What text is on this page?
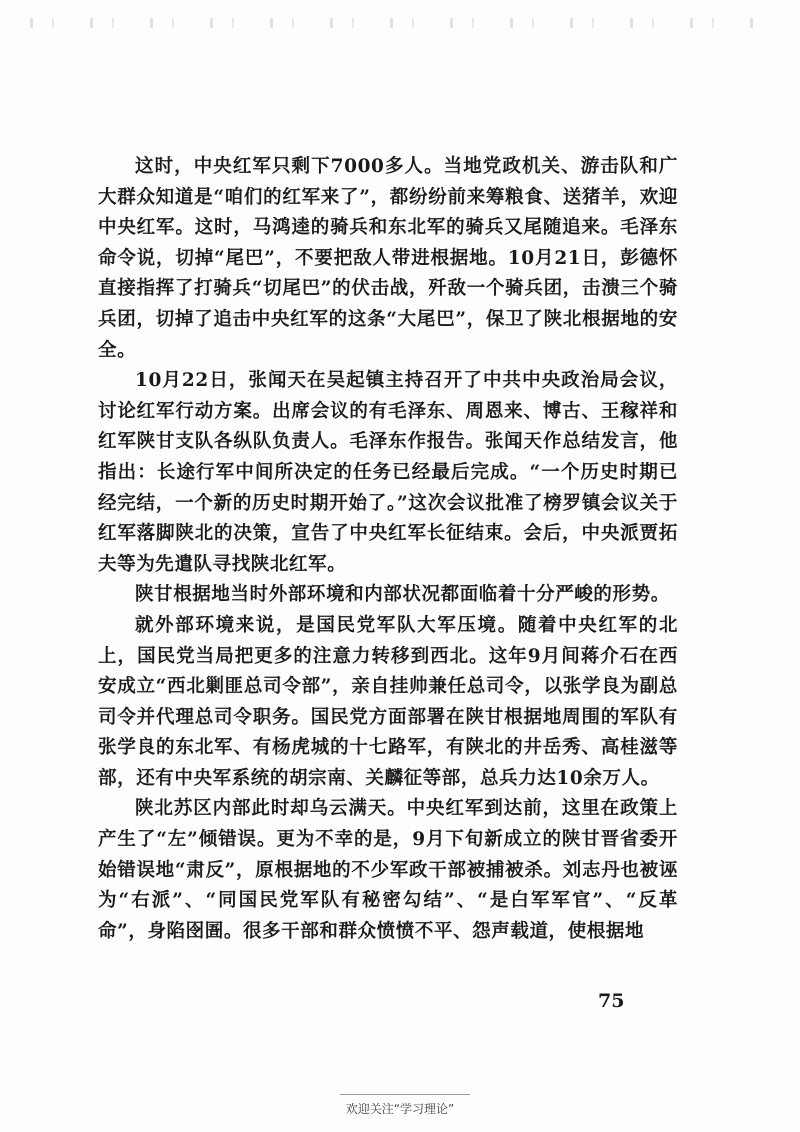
这时，中央红军只剩下7000多人。当地党政机关、游击队和广大群众知道是“咱们的红军来了”，都纷纷前来筹粮食、送猪羊，欢迎中央红军。这时，马鸿逵的骑兵和东北军的骑兵又尾随追来。毛泽东命令说，切掉“尾巴”，不要把敌人带进根据地。10月21日，彭德怀直接指挥了打骑兵“切尾巴”的伏击战，歼敌一个骑兵团，击溃三个骑兵团，切掉了追击中央红军的这条“大尾巴”，保卫了陕北根据地的安全。

10月22日，张闻天在吴起镇主持召开了中共中央政治局会议，讨论红军行动方案。出席会议的有毛泽东、周恩来、博古、王稼祥和红军陕甘支队各纵队负责人。毛泽东作报告。张闻天作总结发言，他指出：长途行军中间所决定的任务已经最后完成。“一个历史时期已经完结，一个新的历史时期开始了。”这次会议批准了榜罗镇会议关于红军落脚陕北的决策，宣告了中央红军长征结束。会后，中央派贾拓夫等为先遣队寻找陕北红军。

陕甘根据地当时外部环境和内部状况都面临着十分严峻的形势。

就外部环境来说，是国民党军队大军压境。随着中央红军的北上，国民党当局把更多的注意力转移到西北。这年9月间蒋介石在西安成立“西北剿匪总司令部”，亲自挂帅兼任总司令，以张学良为副总司令并代理总司令职务。国民党方面部署在陕甘根据地周围的军队有张学良的东北军、有杨虎城的十七路军，有陕北的井岳秀、高桂滋等部，还有中央军系统的胡宗南、关麟征等部，总兵力达10余万人。

陕北苏区内部此时却乌云满天。中央红军到达前，这里在政策上产生了“左”倾错误。更为不幸的是，9月下旬新成立的陕甘晋省委开始错误地“肃反”，原根据地的不少军政干部被捕被杀。刘志丹也被诬为“右派”、“同国民党军队有秘密勾结”、“是白军军官”、“反革命”，身陷囹圄。很多干部和群众愤愤不平、怨声载道，使根据地

75
欢迎关注“学习理论”
